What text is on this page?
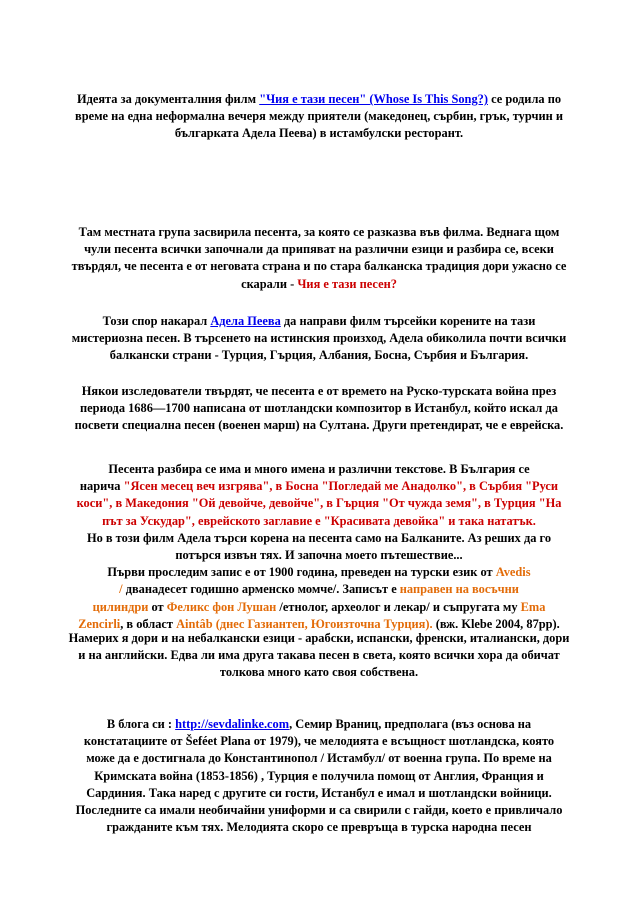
Идеята за документалния филм "Чия е тази песен" (Whose Is This Song?) се родила по
време на една неформална вечеря между приятели (македонец, сърбин, грък, турчин и
българката Адела Пеева) в истамбулски ресторант.

Там местната група засвирила песента, за която се разказва във филма. Веднага щом
чули песента всички започнали да припяват на различни езици и разбира се, всеки
твърдял, че песента е от неговата страна и по стара балканска традиция дори ужасно се
скарали - Чия е тази песен?

Този спор накарал Адела Пеева да направи филм търсейки корените на тази
мистериозна песен. В търсенето на истинския произход, Адела обиколила почти всички
балкански страни - Турция, Гърция, Албания, Босна, Сърбия и България.

Някои изследователи твърдят, че песента е от времето на Руско-турската война през
периода 1686—1700 написана от шотландски композитор в Истанбул, който искал да
посвети специална песен (военен марш) на Султана. Други претендират, че е еврейска.

Песента разбира се има и много имена и различни текстове. В България се
нарича "Ясен месец веч изгрява", в Босна "Погледай ме Анадолко", в Сърбия "Руси
коси", в Македония "Ой девойче, девойче", в Гърция "От чужда земя", в Турция "На
път за Ускудар", еврейското заглавие е "Красивата девойка" и така нататък.
Но в този филм Адела търси корена на песента само на Балканите. Аз реших да го
потърся извън тях. И започна моето пътешествие...
Първи проследим запис е от 1900 година, преведен на турски език от Avedis
/ дванадесет годишно арменско момче/. Записът е направен на восъчни
цилиндри от Феликс фон Лушан /етнолог, археолог и лекар/ и съпругата му Ema
Zencirli, в област Aintâb (днес Газиантеп, Югоизточна Турция). (вж. Klebe 2004, 87pp).

Намерих я дори и на небалкански езици - арабски, испански, френски, италиански, дори
и на английски. Едва ли има друга такава песен в света, която всички хора да обичат
толкова много като своя собствена.

В блога си : http://sevdalinke.com, Семир Враниц, предполага (въз основа на
констатациите от Šeféet Plana от 1979), че мелодията е всъщност шотландска, която
може да е достигнала до Константинопол / Истамбул/ от военна група. По време на
Кримската война (1853-1856) , Турция е получила помощ от Англия, Франция и
Сардиния. Така наред с другите си гости, Истанбул е имал и шотландски войници.
Последните са имали необичайни униформи и са свирили с гайди, което е привличало
гражданите към тях. Мелодията скоро се превръща в турска народна песен
